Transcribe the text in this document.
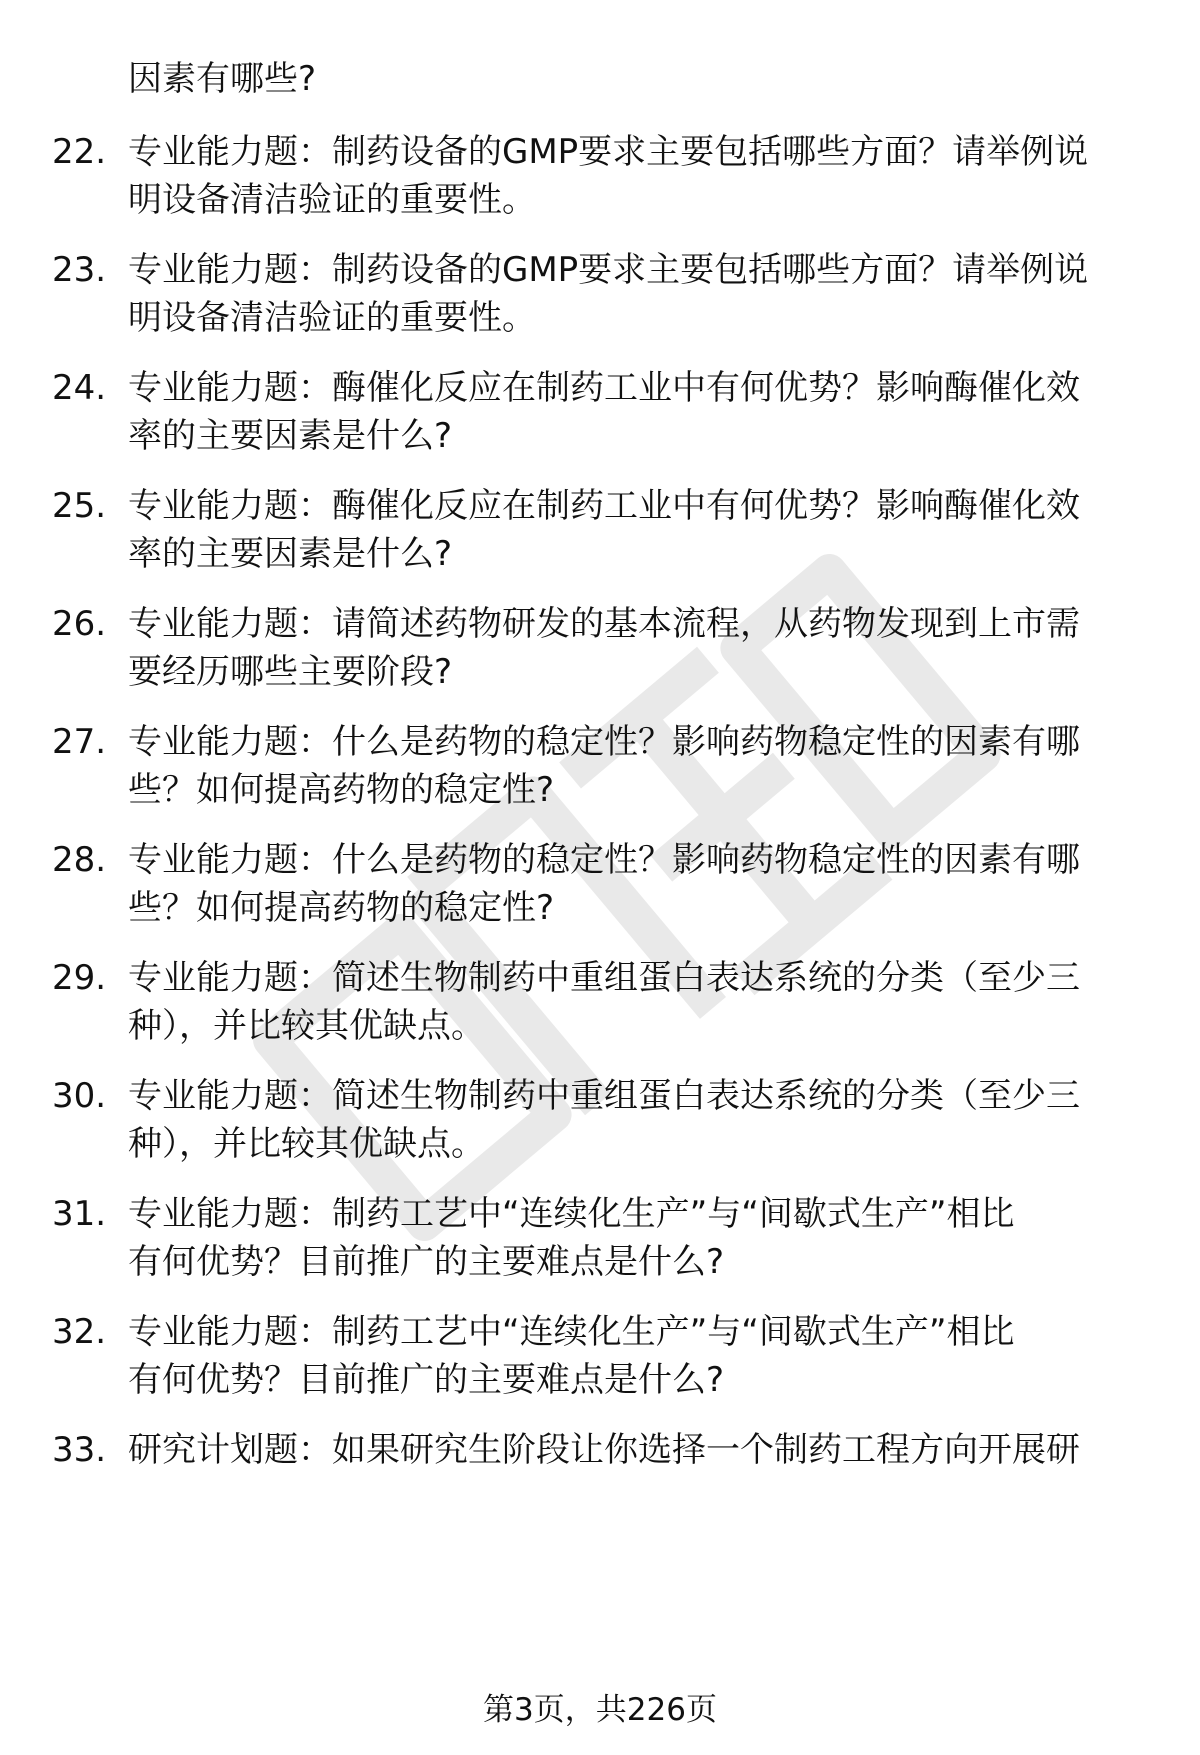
因素有哪些?
22. 专业能力题：制药设备的GMP要求主要包括哪些方面？请举例说
明设备清洁验证的重要性。
23. 专业能力题：制药设备的GMP要求主要包括哪些方面？请举例说
明设备清洁验证的重要性。
24. 专业能力题：酶催化反应在制药工业中有何优势？影响酶催化效
率的主要因素是什么?
25. 专业能力题：酶催化反应在制药工业中有何优势？影响酶催化效
率的主要因素是什么?
26. 专业能力题：请简述药物研发的基本流程，从药物发现到上市需
要经历哪些主要阶段?
27. 专业能力题：什么是药物的稳定性？影响药物稳定性的因素有哪
些？如何提高药物的稳定性?
28. 专业能力题：什么是药物的稳定性？影响药物稳定性的因素有哪
些？如何提高药物的稳定性?
29. 专业能力题：简述生物制药中重组蛋白表达系统的分类（至少三
种），并比较其优缺点。
30. 专业能力题：简述生物制药中重组蛋白表达系统的分类（至少三
种），并比较其优缺点。
31. 专业能力题：制药工艺中“连续化生产”与“间歇式生产”相比
有何优势？目前推广的主要难点是什么?
32. 专业能力题：制药工艺中“连续化生产”与“间歇式生产”相比
有何优势？目前推广的主要难点是什么?
33. 研究计划题：如果研究生阶段让你选择一个制药工程方向开展研
第3页，共226页
